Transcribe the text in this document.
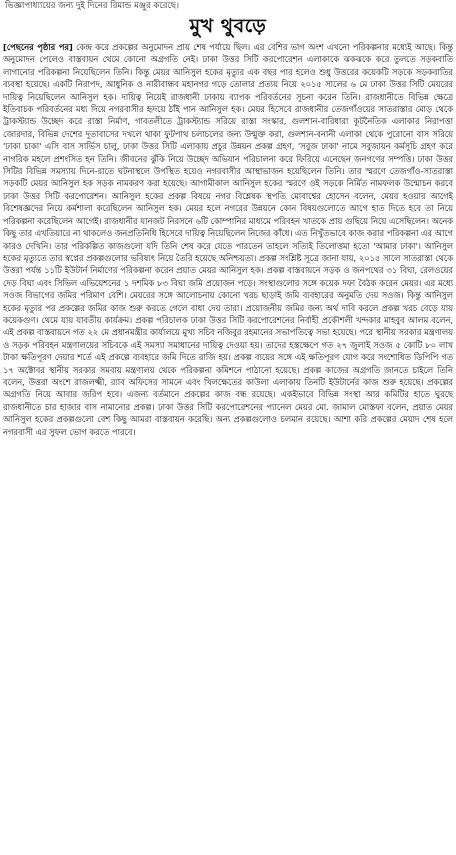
ভিজ্ঞাপাধ্যায়ের জন্য দুই দিনের রিমান্ড মঞ্জুর করেছে।
মুখ থুবড়ে

[পেছনের পৃষ্ঠার পর] কেন্দ্র করে প্রকল্পের অনুমোদন প্রায় শেষ পর্যায়ে ছিল। এর বেশির ভাগ অংশ এখনো পরিকল্পনার মধ্যেই আছে। কিন্তু অনুমোদন পেলেও বাস্তবায়ন থেমে কোনো অগ্রগতি নেই। ঢাকা উত্তর সিটি করপোরেশন এলাকাকে ঝকঝকে করে তুলতে সড়কবাতি লাগানোর পরিকল্পনা নিয়েছিলেন তিনি। কিন্তু মেয়র আনিসুল হকের মৃত্যুর এক বছর পার হলেও শুধু উত্তরের কয়েকটি সড়কে সড়কবাতির ব্যবস্থা হয়েছে। একটি নিরাপদ, আধুনিক ও নারীবান্ধব মহানগর গড়ে তোলার প্রত্যয় নিয়ে ২০১৫ সালের ৬ মে ঢাকা উত্তর সিটি মেয়রের দায়িত্ব নিয়েছিলেন আনিসুল হক। দায়িত্ব নিয়েই রাজধানী ঢাকায় ব্যাপক পরিবর্তনের সূচনা করেন তিনি। রাজধানীতে বিভিন্ন ক্ষেত্রে ইতিবাচক পরিবর্তনের মধ্য দিয়ে নগরবাসীর হৃদয়ে ঠাঁই পান আনিসুল হক। মেয়র হিসেবে রাজধানীর তেজগাঁওয়ের সাতরাস্তার মোড় থেকে ট্রাকস্ট্যান্ড উচ্ছেদ করে রাস্তা নির্মাণ, গাবতলীতে ট্রাকস্ট্যান্ড সরিয়ে রাস্তা সংস্কার, গুলশান-বারিধারা কূটনৈতিক এলাকার নিরাপত্তা জোরদার, বিভিন্ন দেশের দূতাবাসের দখলে থাকা ফুটপাথ চলাচলের জন্য উন্মুক্ত করা, গুলশান-বনানী এলাকা থেকে পুরোনো বাস সরিয়ে 'ঢাকা চাকা' এসি বাস সার্ভিস চালু, ঢাকা উত্তর সিটি এলাকায় প্রচুর উন্নয়ন প্রকল্প গ্রহণ, 'সবুজ ঢাকা' নামে সবুজায়ন কর্মসূচি গ্রহণ করে নাগরিক মহলে প্রশংসিত হন তিনি। জীবনের ঝুঁকি নিয়ে উচ্ছেদ অভিযান পরিচালনা করে ফিরিয়ে এনেছেন জনগণের সম্পত্তি। ঢাকা উত্তর সিটির বিভিন্ন সমস্যায় দিনে-রাতে ঘটনাস্থলে উপস্থিত হয়েও নগরবাসীর আস্থাভাজন হয়েছিলেন তিনি। তার স্মরণে তেজগাঁও-সাতরাস্তা সড়কটি মেয়র আনিসুল হক সড়ক নামকরণ করা হয়েছে। আগামীকাল আনিসুল হকের স্মরণে ওই সড়কে নির্মিত নামফলক উন্মোচন করবে ঢাকা উত্তর সিটি করপোরেশন। আনিসুল হকের প্রকল্প বিষয়ে নগর বিশ্লেষক স্থপতি মোবাশ্বের হোসেন বলেন, মেয়র হওয়ার আগেই বিশেষজ্ঞদের নিয়ে কর্মশালা করেছিলেন আনিসুল হক। মেয়র হলে নগরের উন্নয়নে কোন বিষয়গুলোতে আগে হাত দিতে হবে তা নিয়ে পরিকল্পনা করেছিলেন আগেই। রাজধানীর যানজট নিরসনে ৬টি কোম্পানির মাধ্যমে পরিবহন খাতকে প্রায় গুছিয়ে নিয়ে এসেছিলেন। অনেক কিছু তার এখতিয়ারে না থাকলেও জনপ্রতিনিধি হিসেবে দায়িত্ব নিয়েছিলেন নিজের কাঁধে। এত নিখুঁতভাবে কাজ করার পরিকল্পনা এর আগে কারও দেখিনি। তার পরিকল্পিত কাজগুলো যদি তিনি শেষ করে যেতে পারতেন তাহলে সত্যিই তিলোত্তমা হতো 'আমার ঢাকা'। আনিসুল হকের মৃত্যুতে তার স্বপ্নের প্রকল্পগুলোর ভবিষ্যৎ নিয়ে তৈরি হয়েছে অনিশ্চয়তা। প্রকল্প সংশ্লিষ্ট সূত্রে জানা যায়, ২০১৫ সালে সাতরাস্তা থেকে উত্তরা পর্যন্ত ১১টি ইউটার্ন নির্মাণের পরিকল্পনা করেন প্রয়াত মেয়র আনিসুল হক। প্রকল্প বাস্তবায়নে সড়ক ও জনপথের ৩১ বিঘা, রেলওয়ের দেড় বিঘা এবং সিভিল এভিয়েশনের ১ দশমিক ৮৩ বিঘা জমি প্রয়োজন পড়ে। সংস্থাগুলোর সঙ্গে কয়েক দফা বৈঠক করেন মেয়র। এর মধ্যে সওজ বিভাগের জমির পরিমাণ বেশি। মেয়রের সঙ্গে আলোচনায় কোনো খরচ ছাড়াই জমি ব্যবহারের অনুমতি দেয় সওজ। কিন্তু আনিসুল হকের মৃত্যুর পর প্রকল্পের জমির কাজ শুরু করতে গেলে বাধা দেয় তারা। প্রয়োজনীয় জমির জন্য অর্থ দাবি করলে প্রকল্প খরচ বেড়ে যায় কয়েকগুণ। থেমে যায় যাবতীয় কার্যক্রম। প্রকল্প পরিচালক ঢাকা উত্তর সিটি করপোরেশনের নির্বাহী প্রকৌশলী খন্দকার মাহবুব আলম বলেন, এই প্রকল্প বাস্তবায়নে গত ২২ মে প্রধানমন্ত্রীর কার্যালয়ে মুখ্য সচিব নজিবুর রহমানের সভাপতিত্বে সভা হয়েছে। পরে স্থানীয় সরকার মন্ত্রণালয় ও সড়ক পরিবহন মন্ত্রণালয়ের সচিবকে এই সমস্যা সমাধানের দায়িত্ব দেওয়া হয়। তাদের হস্তক্ষেপে গত ২৭ জুলাই সওজ ৫ কোটি ৮০ লাখ টাকা ক্ষতিপূরণ দেয়ার শর্তে এই প্রকল্পে ব্যবহারে জমি দিতে রাজি হয়। প্রকল্প ব্যয়ের সঙ্গে এই ক্ষতিপূরণ যোগ করে সংশোধিত ডিপিপি গত ১৭ অক্টোবর স্থানীয় সরকার সমবায় মন্ত্রণালয় থেকে পরিকল্পনা কমিশনে পাঠানো হয়েছে। প্রকল্প কাজের অগ্রগতি জানতে চাইলে তিনি বলেন, উত্তরা অংশে রাজলক্ষ্মী, র‍্যাব অফিসের সামনে এবং খিলক্ষেতের কাউলা এলাকায় তিনটি ইউটার্নের কাজ শুরু হয়েছে। প্রকল্পের অগ্রগতি নিয়ে আবার জরিপ হবে। এজন্য বর্তমানে প্রকল্পের কাজ বন্ধ রয়েছে। একইভাবে বিভিন্ন সংস্থা আর কমিটির হাতে ঘুরছে রাজধানীতে চার হাজার বাস নামানোর প্রকল্প। ঢাকা উত্তর সিটি করপোরেশনের প্যানেল মেয়র মো. জামাল মোস্তফা বলেন, প্রয়াত মেয়র আনিসুল হকের প্রকল্পগুলো বেশ কিছু আমরা বাস্তবায়ন করেছি। অন্য প্রকল্পগুলোও চলমান রয়েছে। আশা করি প্রকল্পের মেয়াদ শেষ হলে নগরবাসী এর সুফল ভোগ করতে পারবে।
